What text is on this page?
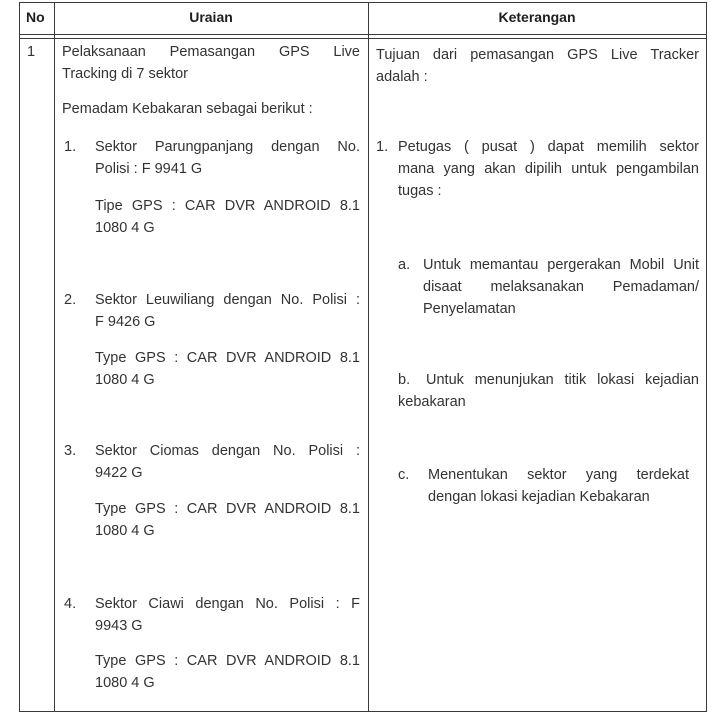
No	Uraian	Keterangan
1 Pelaksanaan Pemasangan GPS Live
Tracking di 7 sektor
Pemadam Kebakaran sebagai berikut :
1. Sektor Parungpanjang dengan No.
Polisi : F 9941 G
Tipe GPS : CAR DVR ANDROID 8.1
1080 4 G
2. Sektor Leuwiliang dengan No. Polisi :
F 9426 G
Type GPS : CAR DVR ANDROID 8.1
1080 4 G
3. Sektor Ciomas dengan No. Polisi :
9422 G
Type GPS : CAR DVR ANDROID 8.1
1080 4 G
4. Sektor Ciawi dengan No. Polisi : F
9943 G
Type GPS : CAR DVR ANDROID 8.1
1080 4 G
Tujuan dari pemasangan GPS Live Tracker
adalah :
1. Petugas ( pusat ) dapat memilih sektor
mana yang akan dipilih untuk pengambilan
tugas :
a. Untuk memantau pergerakan Mobil Unit
disaat melaksanakan Pemadaman/
Penyelamatan
b. Untuk menunjukan titik lokasi kejadian
kebakaran
c. Menentukan sektor yang terdekat
dengan lokasi kejadian Kebakaran
